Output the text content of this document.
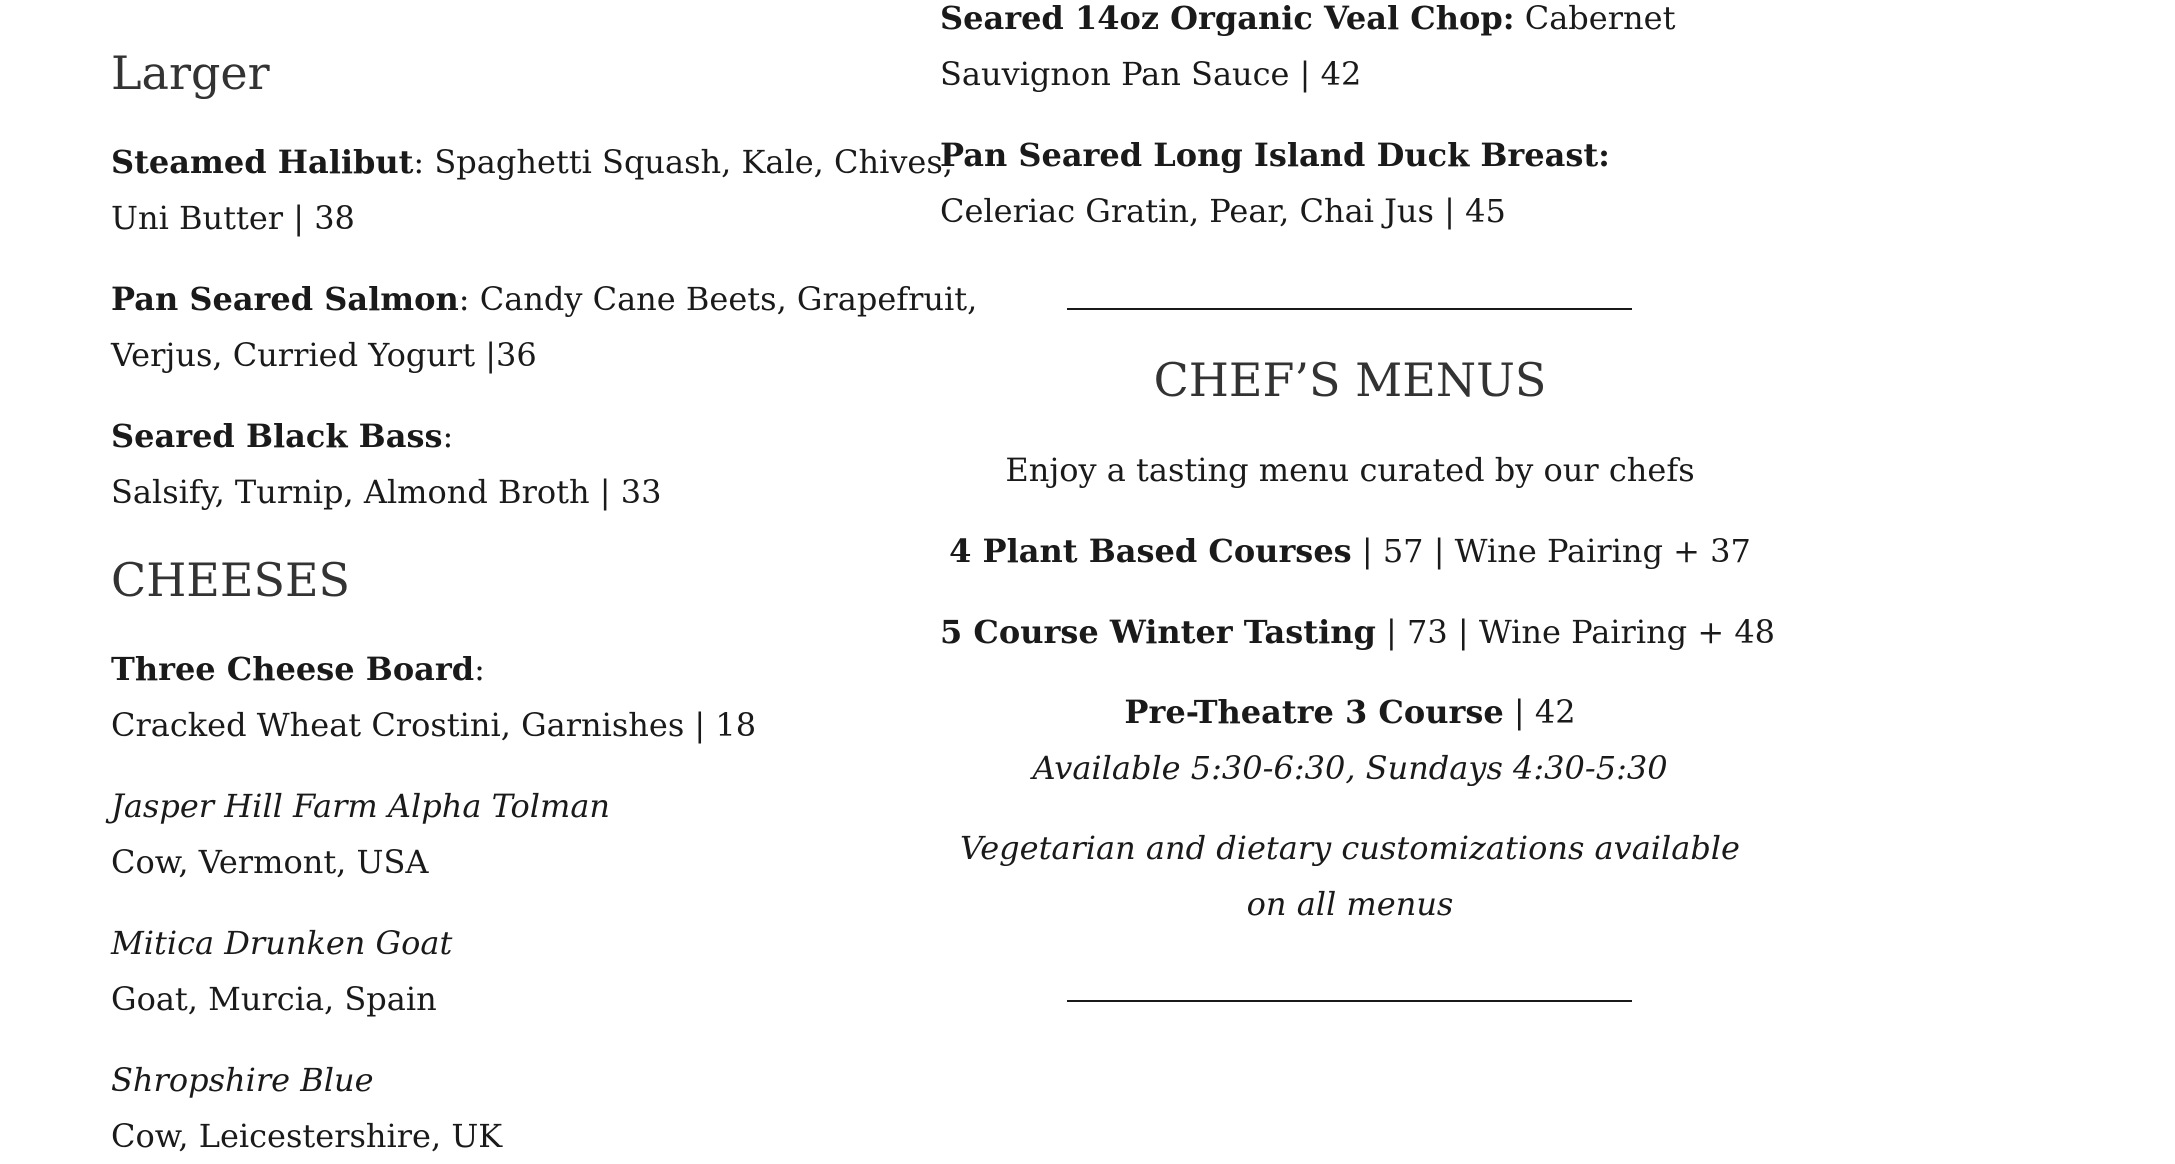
Larger
Steamed Halibut: Spaghetti Squash, Kale, Chives,
Uni Butter | 38
Pan Seared Salmon: Candy Cane Beets, Grapefruit,
Verjus, Curried Yogurt |36
Seared Black Bass:
Salsify, Turnip, Almond Broth | 33
CHEESES
Three Cheese Board:
Cracked Wheat Crostini, Garnishes | 18
Jasper Hill Farm Alpha Tolman
Cow, Vermont, USA
Mitica Drunken Goat
Goat, Murcia, Spain
Shropshire Blue
Cow, Leicestershire, UK
Seared 14oz Organic Veal Chop: Cabernet
Sauvignon Pan Sauce | 42
Pan Seared Long Island Duck Breast:
Celeriac Gratin, Pear, Chai Jus | 45
CHEF’S MENUS
Enjoy a tasting menu curated by our chefs
4 Plant Based Courses | 57 | Wine Pairing + 37
5 Course Winter Tasting | 73 | Wine Pairing + 48
Pre-Theatre 3 Course | 42
Available 5:30-6:30, Sundays 4:30-5:30
Vegetarian and dietary customizations available
on all menus
